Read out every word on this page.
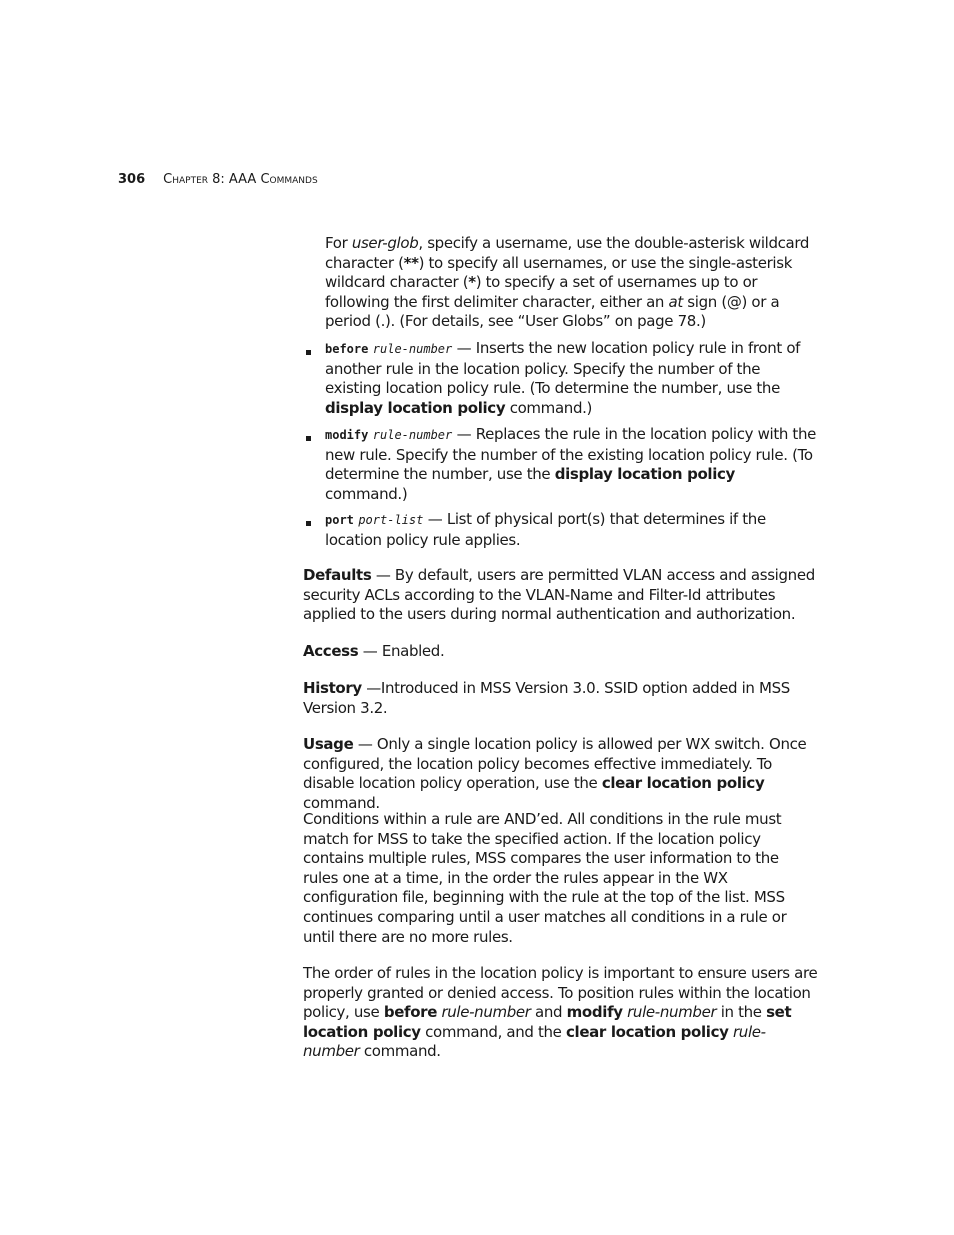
306 Chapter 8: AAA Commands

For user-glob, specify a username, use the double-asterisk wildcard character (**) to specify all usernames, or use the single-asterisk wildcard character (*) to specify a set of usernames up to or following the first delimiter character, either an at sign (@) or a period (.). (For details, see “User Globs” on page 78.)

before rule-number — Inserts the new location policy rule in front of another rule in the location policy. Specify the number of the existing location policy rule. (To determine the number, use the display location policy command.)

modify rule-number — Replaces the rule in the location policy with the new rule. Specify the number of the existing location policy rule. (To determine the number, use the display location policy command.)

port port-list — List of physical port(s) that determines if the location policy rule applies.

Defaults — By default, users are permitted VLAN access and assigned security ACLs according to the VLAN-Name and Filter-Id attributes applied to the users during normal authentication and authorization.

Access — Enabled.

History —Introduced in MSS Version 3.0. SSID option added in MSS Version 3.2.

Usage — Only a single location policy is allowed per WX switch. Once configured, the location policy becomes effective immediately. To disable location policy operation, use the clear location policy command.

Conditions within a rule are AND’ed. All conditions in the rule must match for MSS to take the specified action. If the location policy contains multiple rules, MSS compares the user information to the rules one at a time, in the order the rules appear in the WX configuration file, beginning with the rule at the top of the list. MSS continues comparing until a user matches all conditions in a rule or until there are no more rules.

The order of rules in the location policy is important to ensure users are properly granted or denied access. To position rules within the location policy, use before rule-number and modify rule-number in the set location policy command, and the clear location policy rule-number command.
